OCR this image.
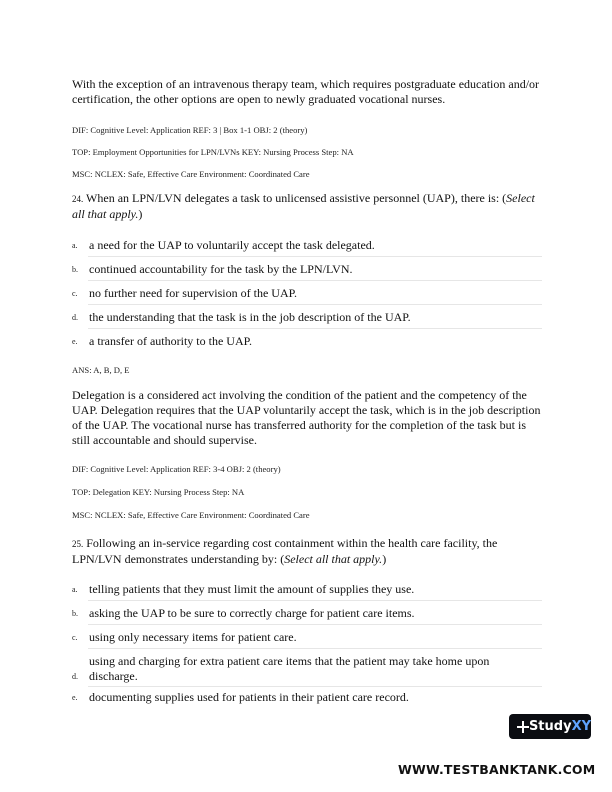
With the exception of an intravenous therapy team, which requires postgraduate education and/or certification, the other options are open to newly graduated vocational nurses.
DIF: Cognitive Level: Application REF: 3 | Box 1-1 OBJ: 2 (theory)
TOP: Employment Opportunities for LPN/LVNs KEY: Nursing Process Step: NA
MSC: NCLEX: Safe, Effective Care Environment: Coordinated Care
24. When an LPN/LVN delegates a task to unlicensed assistive personnel (UAP), there is: (Select all that apply.)
a. a need for the UAP to voluntarily accept the task delegated.
b. continued accountability for the task by the LPN/LVN.
c. no further need for supervision of the UAP.
d. the understanding that the task is in the job description of the UAP.
e. a transfer of authority to the UAP.
ANS: A, B, D, E
Delegation is a considered act involving the condition of the patient and the competency of the UAP. Delegation requires that the UAP voluntarily accept the task, which is in the job description of the UAP. The vocational nurse has transferred authority for the completion of the task but is still accountable and should supervise.
DIF: Cognitive Level: Application REF: 3-4 OBJ: 2 (theory)
TOP: Delegation KEY: Nursing Process Step: NA
MSC: NCLEX: Safe, Effective Care Environment: Coordinated Care
25. Following an in-service regarding cost containment within the health care facility, the LPN/LVN demonstrates understanding by: (Select all that apply.)
a. telling patients that they must limit the amount of supplies they use.
b. asking the UAP to be sure to correctly charge for patient care items.
c. using only necessary items for patient care.
d.
using and charging for extra patient care items that the patient may take home upon discharge.
e. documenting supplies used for patients in their patient care record.
Study XY
WWW.TESTBANKTANK.COM
